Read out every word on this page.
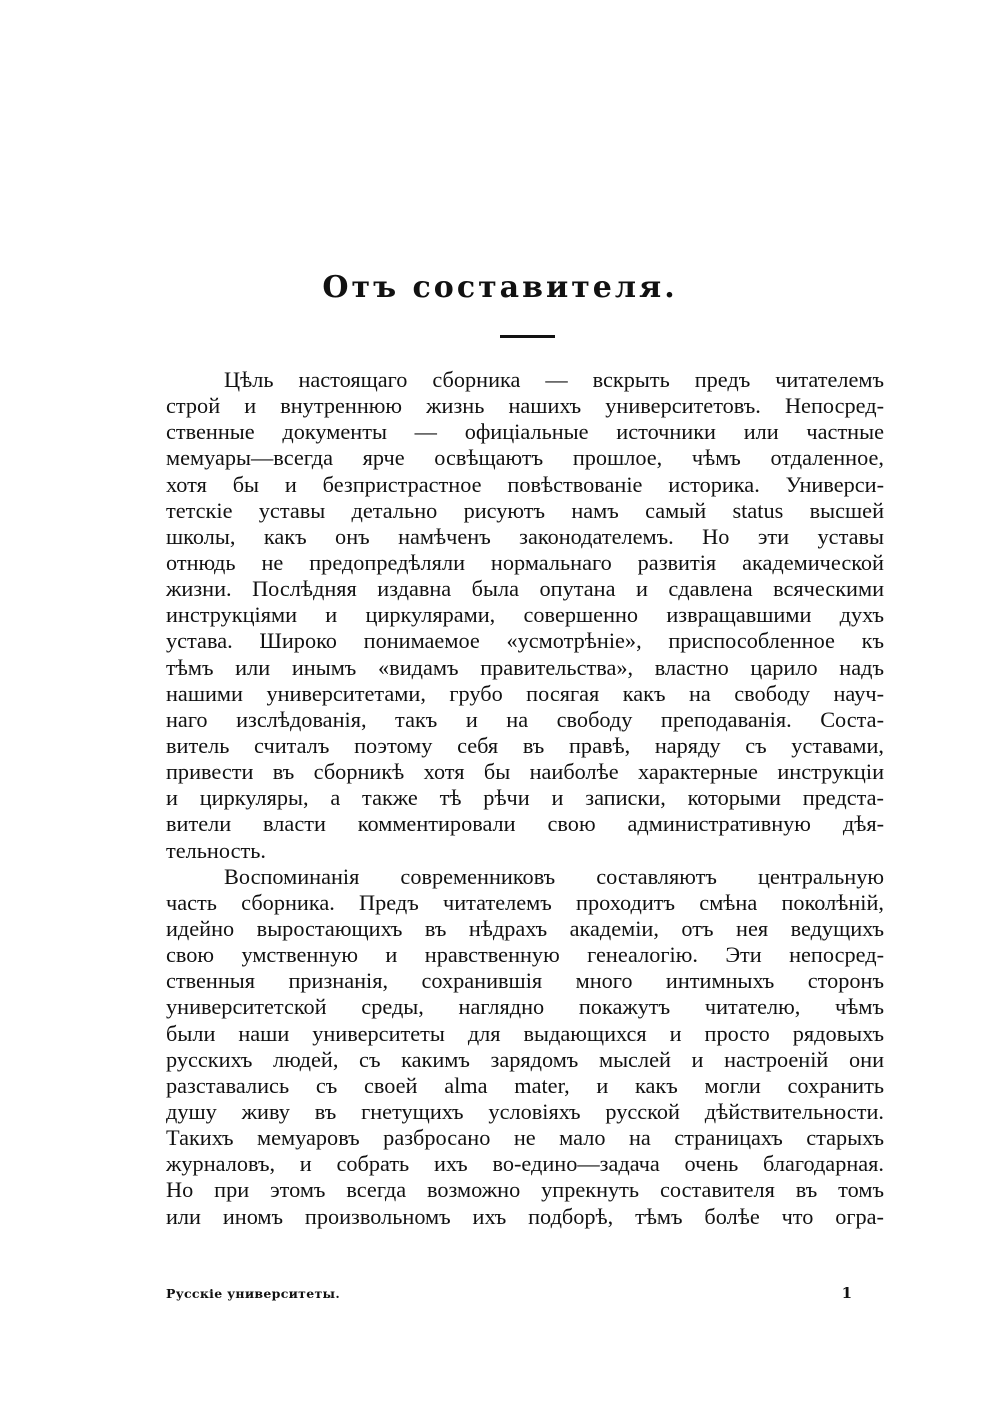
Отъ составителя.
Цѣль настоящаго сборника — вскрыть предъ читателемъ
строй и внутреннюю жизнь нашихъ университетовъ. Непосред-
ственные документы — офиціальные источники или частные
мемуары—всегда ярче освѣщаютъ прошлое, чѣмъ отдаленное,
хотя бы и безпристрастное повѣствованіе историка. Универси-
тетскіе уставы детально рисуютъ намъ самый status высшей
школы, какъ онъ намѣченъ законодателемъ. Но эти уставы
отнюдь не предопредѣляли нормальнаго развитія академической
жизни. Послѣдняя издавна была опутана и сдавлена всяческими
инструкціями и циркулярами, совершенно извращавшими духъ
устава. Широко понимаемое «усмотрѣніе», приспособленное къ
тѣмъ или инымъ «видамъ правительства», властно царило надъ
нашими университетами, грубо посягая какъ на свободу науч-
наго изслѣдованія, такъ и на свободу преподаванія. Соста-
витель считалъ поэтому себя въ правѣ, наряду съ уставами,
привести въ сборникѣ хотя бы наиболѣе характерные инструкціи
и циркуляры, а также тѣ рѣчи и записки, которыми предста-
вители власти комментировали свою административную дѣя-
тельность.
Воспоминанія современниковъ составляютъ центральную
часть сборника. Предъ читателемъ проходитъ смѣна поколѣній,
идейно выростающихъ въ нѣдрахъ академіи, отъ нея ведущихъ
свою умственную и нравственную генеалогію. Эти непосред-
ственныя признанія, сохранившія много интимныхъ сторонъ
университетской среды, наглядно покажутъ читателю, чѣмъ
были наши университеты для выдающихся и просто рядовыхъ
русскихъ людей, съ какимъ зарядомъ мыслей и настроеній они
разставались съ своей alma mater, и какъ могли сохранить
душу живу въ гнетущихъ условіяхъ русской дѣйствительности.
Такихъ мемуаровъ разбросано не мало на страницахъ старыхъ
журналовъ, и собрать ихъ во-едино—задача очень благодарная.
Но при этомъ всегда возможно упрекнуть составителя въ томъ
или иномъ произвольномъ ихъ подборѣ, тѣмъ болѣе что огра-
Русскіе университеты.	1
